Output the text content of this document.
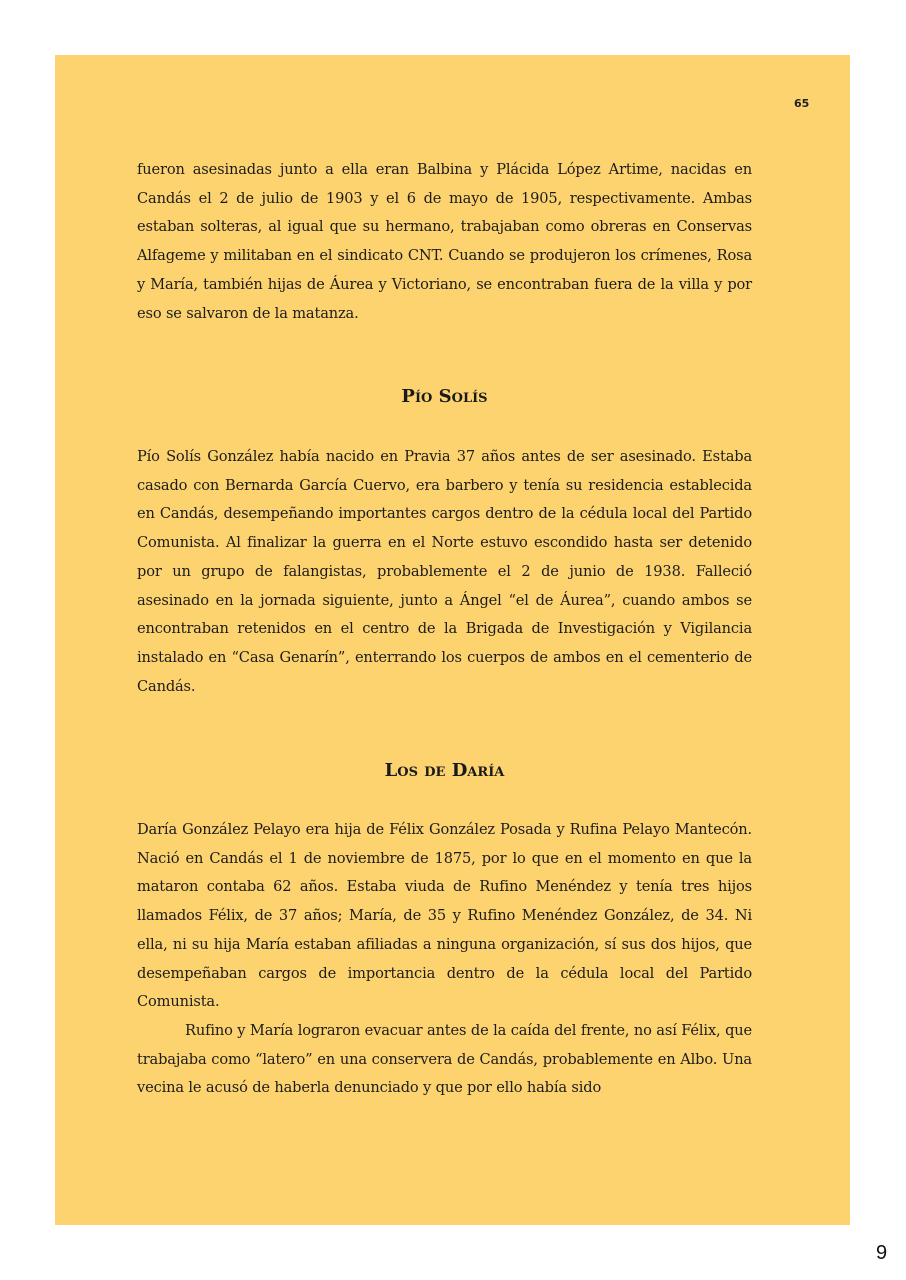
65

fueron asesinadas junto a ella eran Balbina y Plácida López Artime, nacidas en Candás el 2 de julio de 1903 y el 6 de mayo de 1905, respectivamente. Ambas estaban solteras, al igual que su hermano, trabajaban como obreras en Conservas Alfageme y militaban en el sindicato CNT. Cuando se produjeron los crímenes, Rosa y María, también hijas de Áurea y Victoriano, se encontraban fuera de la villa y por eso se salvaron de la matanza.

Pío Solís

Pío Solís González había nacido en Pravia 37 años antes de ser asesinado. Estaba casado con Bernarda García Cuervo, era barbero y tenía su residencia establecida en Candás, desempeñando importantes cargos dentro de la cédula local del Partido Comunista. Al finalizar la guerra en el Norte estuvo escondido hasta ser detenido por un grupo de falangistas, probablemente el 2 de junio de 1938. Falleció asesinado en la jornada siguiente, junto a Ángel “el de Áurea”, cuando ambos se encontraban retenidos en el centro de la Brigada de Investigación y Vigilancia instalado en “Casa Genarín”, enterrando los cuerpos de ambos en el cementerio de Candás.

Los de Daría

Daría González Pelayo era hija de Félix González Posada y Rufina Pelayo Mantecón. Nació en Candás el 1 de noviembre de 1875, por lo que en el momento en que la mataron contaba 62 años. Estaba viuda de Rufino Menéndez y tenía tres hijos llamados Félix, de 37 años; María, de 35 y Rufino Menéndez González, de 34. Ni ella, ni su hija María estaban afiliadas a ninguna organización, sí sus dos hijos, que desempeñaban cargos de importancia dentro de la cédula local del Partido Comunista.

Rufino y María lograron evacuar antes de la caída del frente, no así Félix, que trabajaba como “latero” en una conservera de Candás, probablemente en Albo. Una vecina le acusó de haberla denunciado y que por ello había sido

9
